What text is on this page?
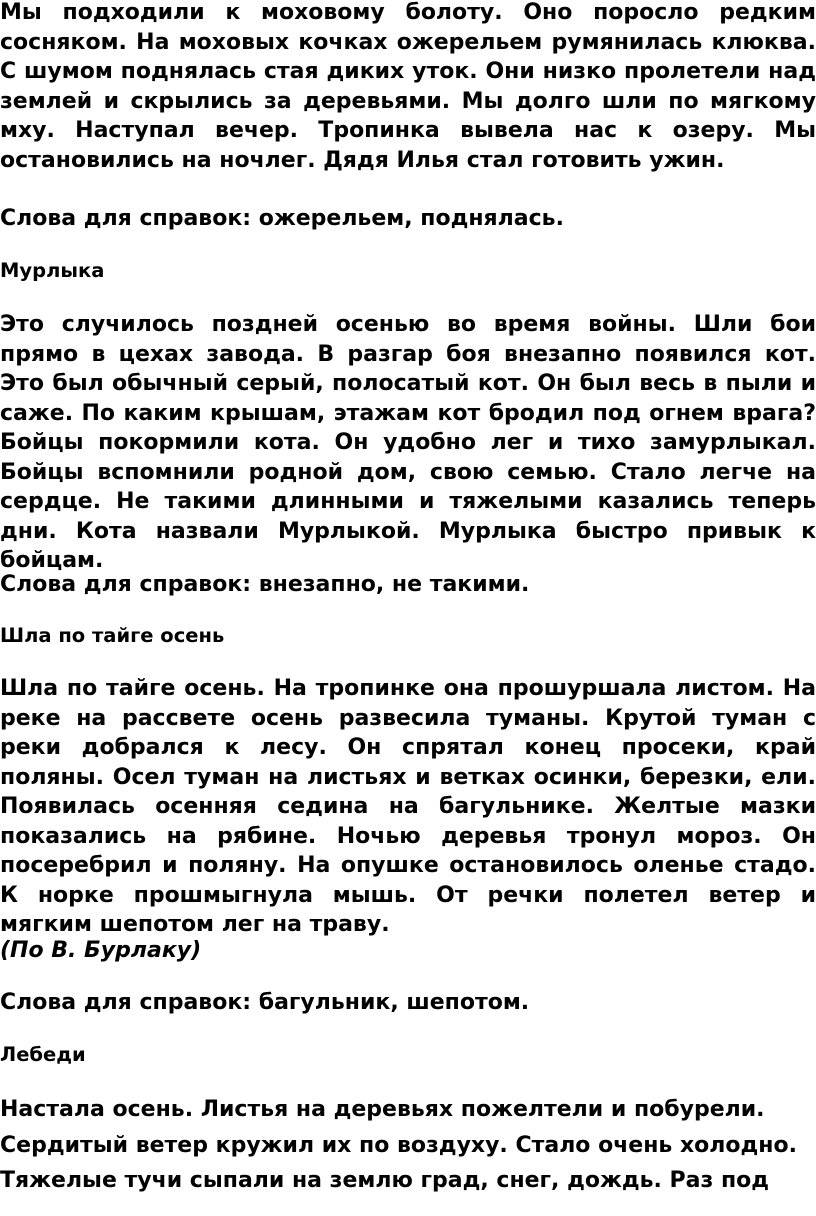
Мы подходили к моховому болоту. Оно поросло редким сосняком. На моховых кочках ожерельем румянилась клюква. С шумом поднялась стая диких уток. Они низко пролетели над землей и скрылись за деревьями. Мы долго шли по мягкому мху. Наступал вечер. Тропинка вывела нас к озеру. Мы остановились на ночлег. Дядя Илья стал готовить ужин.

Слова для справок: ожерельем, поднялась.

Мурлыка

Это случилось поздней осенью во время войны. Шли бои прямо в цехах завода. В разгар боя внезапно появился кот. Это был обычный серый, полосатый кот. Он был весь в пыли и саже. По каким крышам, этажам кот бродил под огнем врага? Бойцы покормили кота. Он удобно лег и тихо замурлыкал. Бойцы вспомнили родной дом, свою семью. Стало легче на сердце. Не такими длинными и тяжелыми казались теперь дни. Кота назвали Мурлыкой. Мурлыка быстро привык к бойцам.

Слова для справок: внезапно, не такими.

Шла по тайге осень

Шла по тайге осень. На тропинке она прошуршала листом. На реке на рассвете осень развесила туманы. Крутой туман с реки добрался к лесу. Он спрятал конец просеки, край поляны. Осел туман на листьях и ветках осинки, березки, ели. Появилась осенняя седина на багульнике. Желтые мазки показались на рябине. Ночью деревья тронул мороз. Он посеребрил и поляну. На опушке остановилось оленье стадо. К норке прошмыгнула мышь. От речки полетел ветер и мягким шепотом лег на траву.

(По В. Бурлаку)

Слова для справок: багульник, шепотом.

Лебеди

Настала осень. Листья на деревьях пожелтели и побурели.

Сердитый ветер кружил их по воздуху. Стало очень холодно.

Тяжелые тучи сыпали на землю град, снег, дождь. Раз под
